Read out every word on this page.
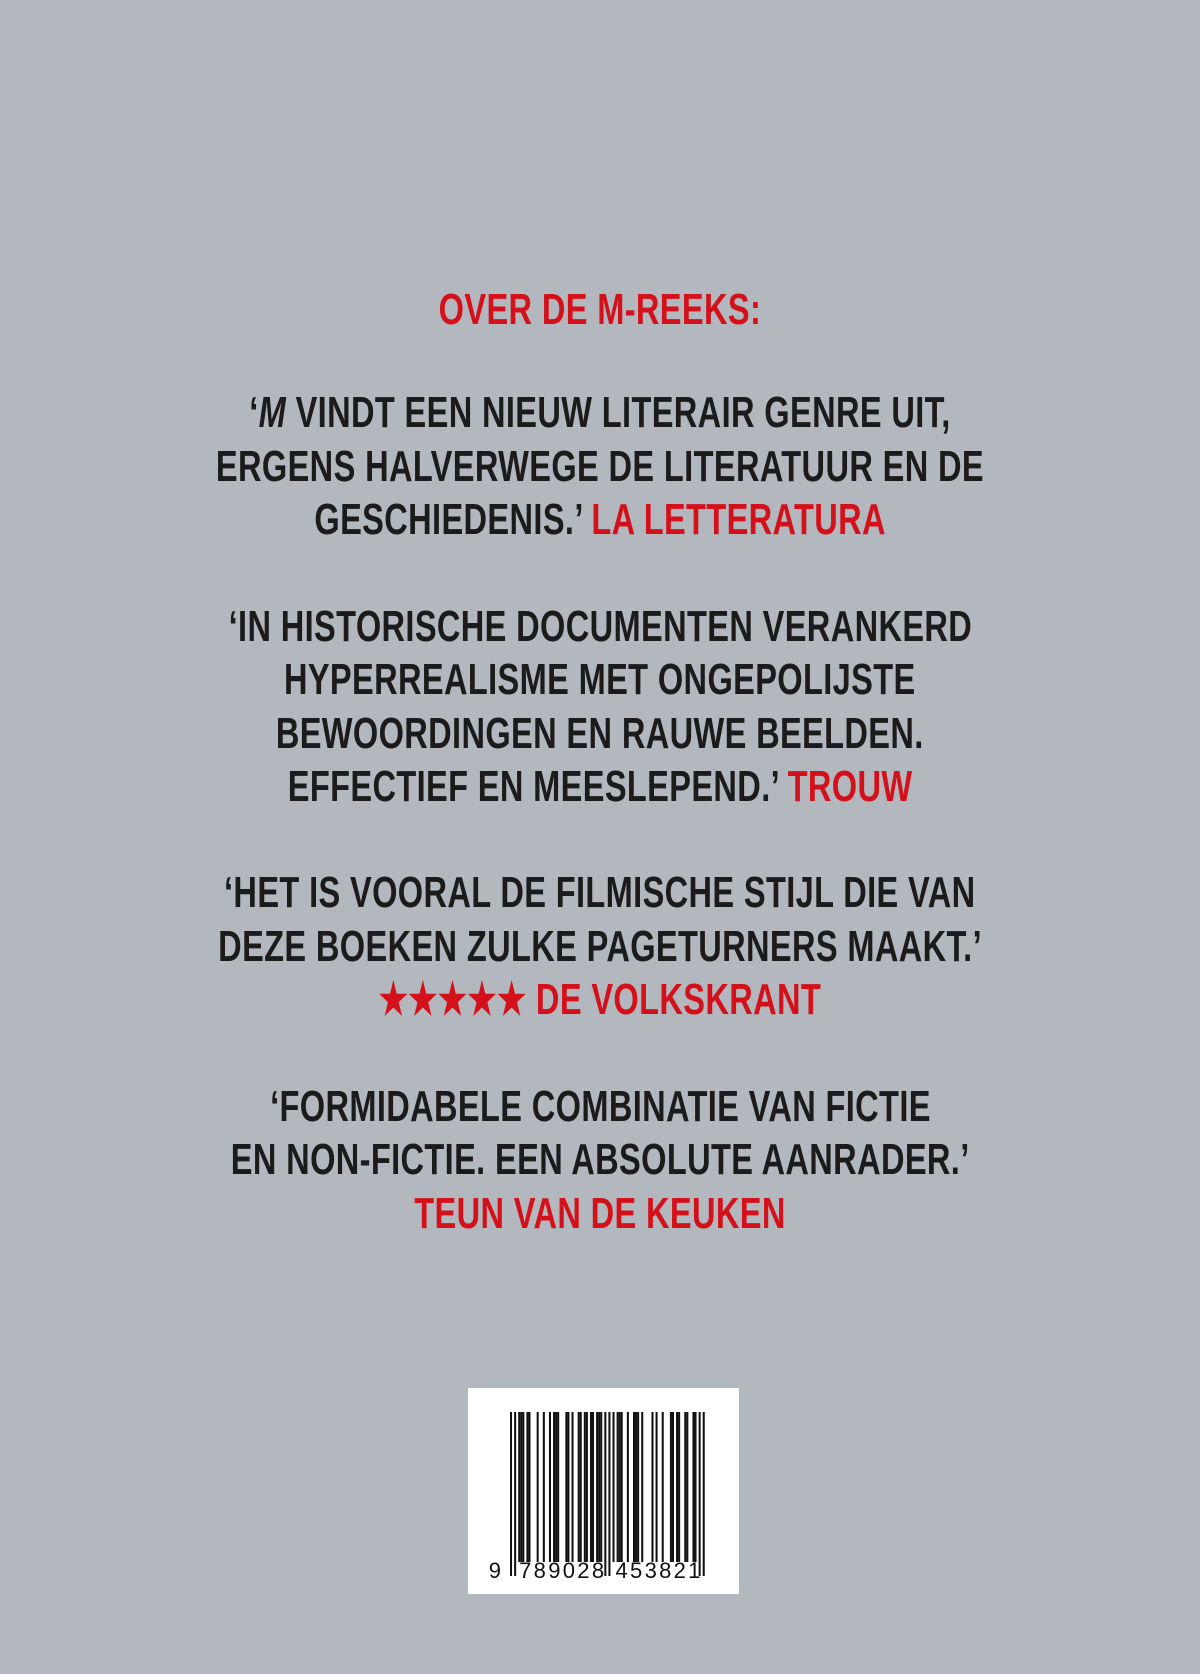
OVER DE M-REEKS:
‘M VINDT EEN NIEUW LITERAIR GENRE UIT,
ERGENS HALVERWEGE DE LITERATUUR EN DE
GESCHIEDENIS.’ LA LETTERATURA
‘IN HISTORISCHE DOCUMENTEN VERANKERD
HYPERREALISME MET ONGEPOLIJSTE
BEWOORDINGEN EN RAUWE BEELDEN.
EFFECTIEF EN MEESLEPEND.’ TROUW
‘HET IS VOORAL DE FILMISCHE STIJL DIE VAN
DEZE BOEKEN ZULKE PAGETURNERS MAAKT.’
★★★★★ DE VOLKSKRANT
‘FORMIDABELE COMBINATIE VAN FICTIE
EN NON-FICTIE. EEN ABSOLUTE AANRADER.’
TEUN VAN DE KEUKEN
9 789028 453821
